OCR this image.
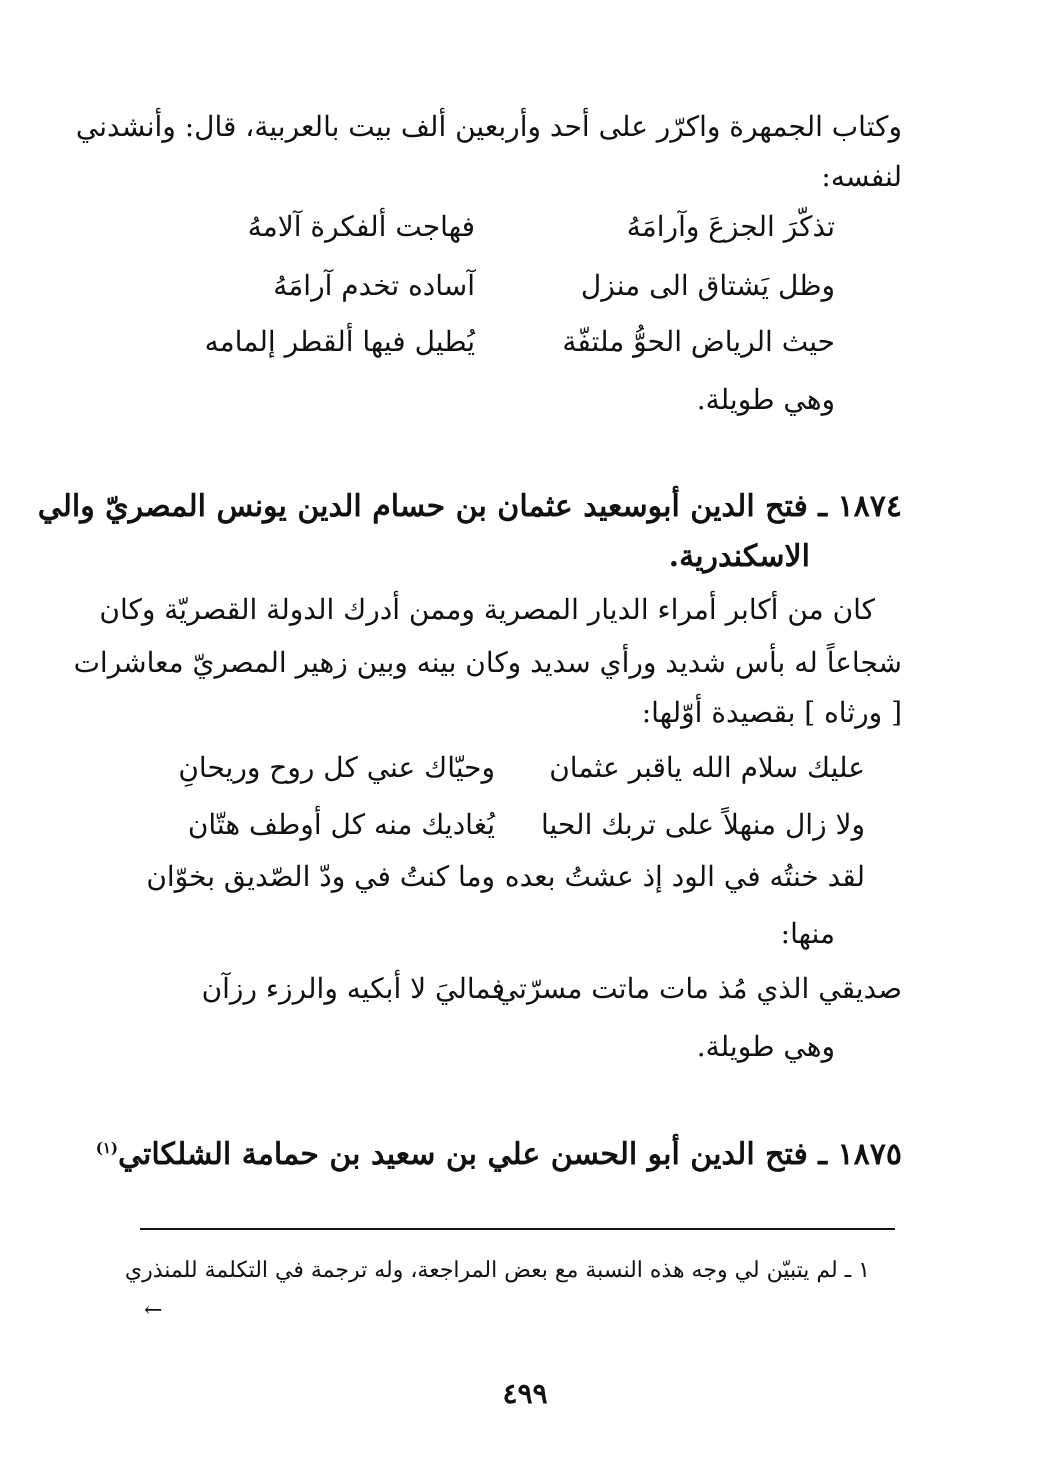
وكتاب الجمهرة واكرّر على أحد وأربعين ألف بيت بالعربية، قال: وأنشدني
لنفسه:
تذكّرَ الجزعَ وآرامَهُ
فهاجت ألفكرة آلامهُ
وظل يَشتاق الى منزل
آساده تخدم آرامَهُ
حيث الرياض الحوُّ ملتفّة
يُطيل فيها ألقطر إلمامه
وهي طويلة.
١٨٧٤ ـ فتح الدين أبوسعيد عثمان بن حسام الدين يونس المصريّ والي
الاسكندرية.
كان من أكابر أمراء الديار المصرية وممن أدرك الدولة القصريّة وكان
شجاعاً له بأس شديد ورأي سديد وكان بينه وبين زهير المصريّ معاشرات
[ ورثاه ] بقصيدة أوّلها:
عليك سلام الله ياقبر عثمان
وحيّاك عني كل روح وريحانِ
ولا زال منهلاً على تربك الحيا
يُغاديك منه كل أوطف هتّان
لقد خنتُه في الود إذ عشتُ بعده
وما كنتُ في ودّ الصّديق بخوّان
منها:
صديقي الذي مُذ مات ماتت مسرّتي
فماليَ لا أبكيه والرزء رزآن
وهي طويلة.
١٨٧٥ ـ فتح الدين أبو الحسن علي بن سعيد بن حمامة الشلكاتي$^{(١)}$
١ ـ لم يتبيّن لي وجه هذه النسبة مع بعض المراجعة، وله ترجمة في التكلمة للمنذري
←
٤٩٩
